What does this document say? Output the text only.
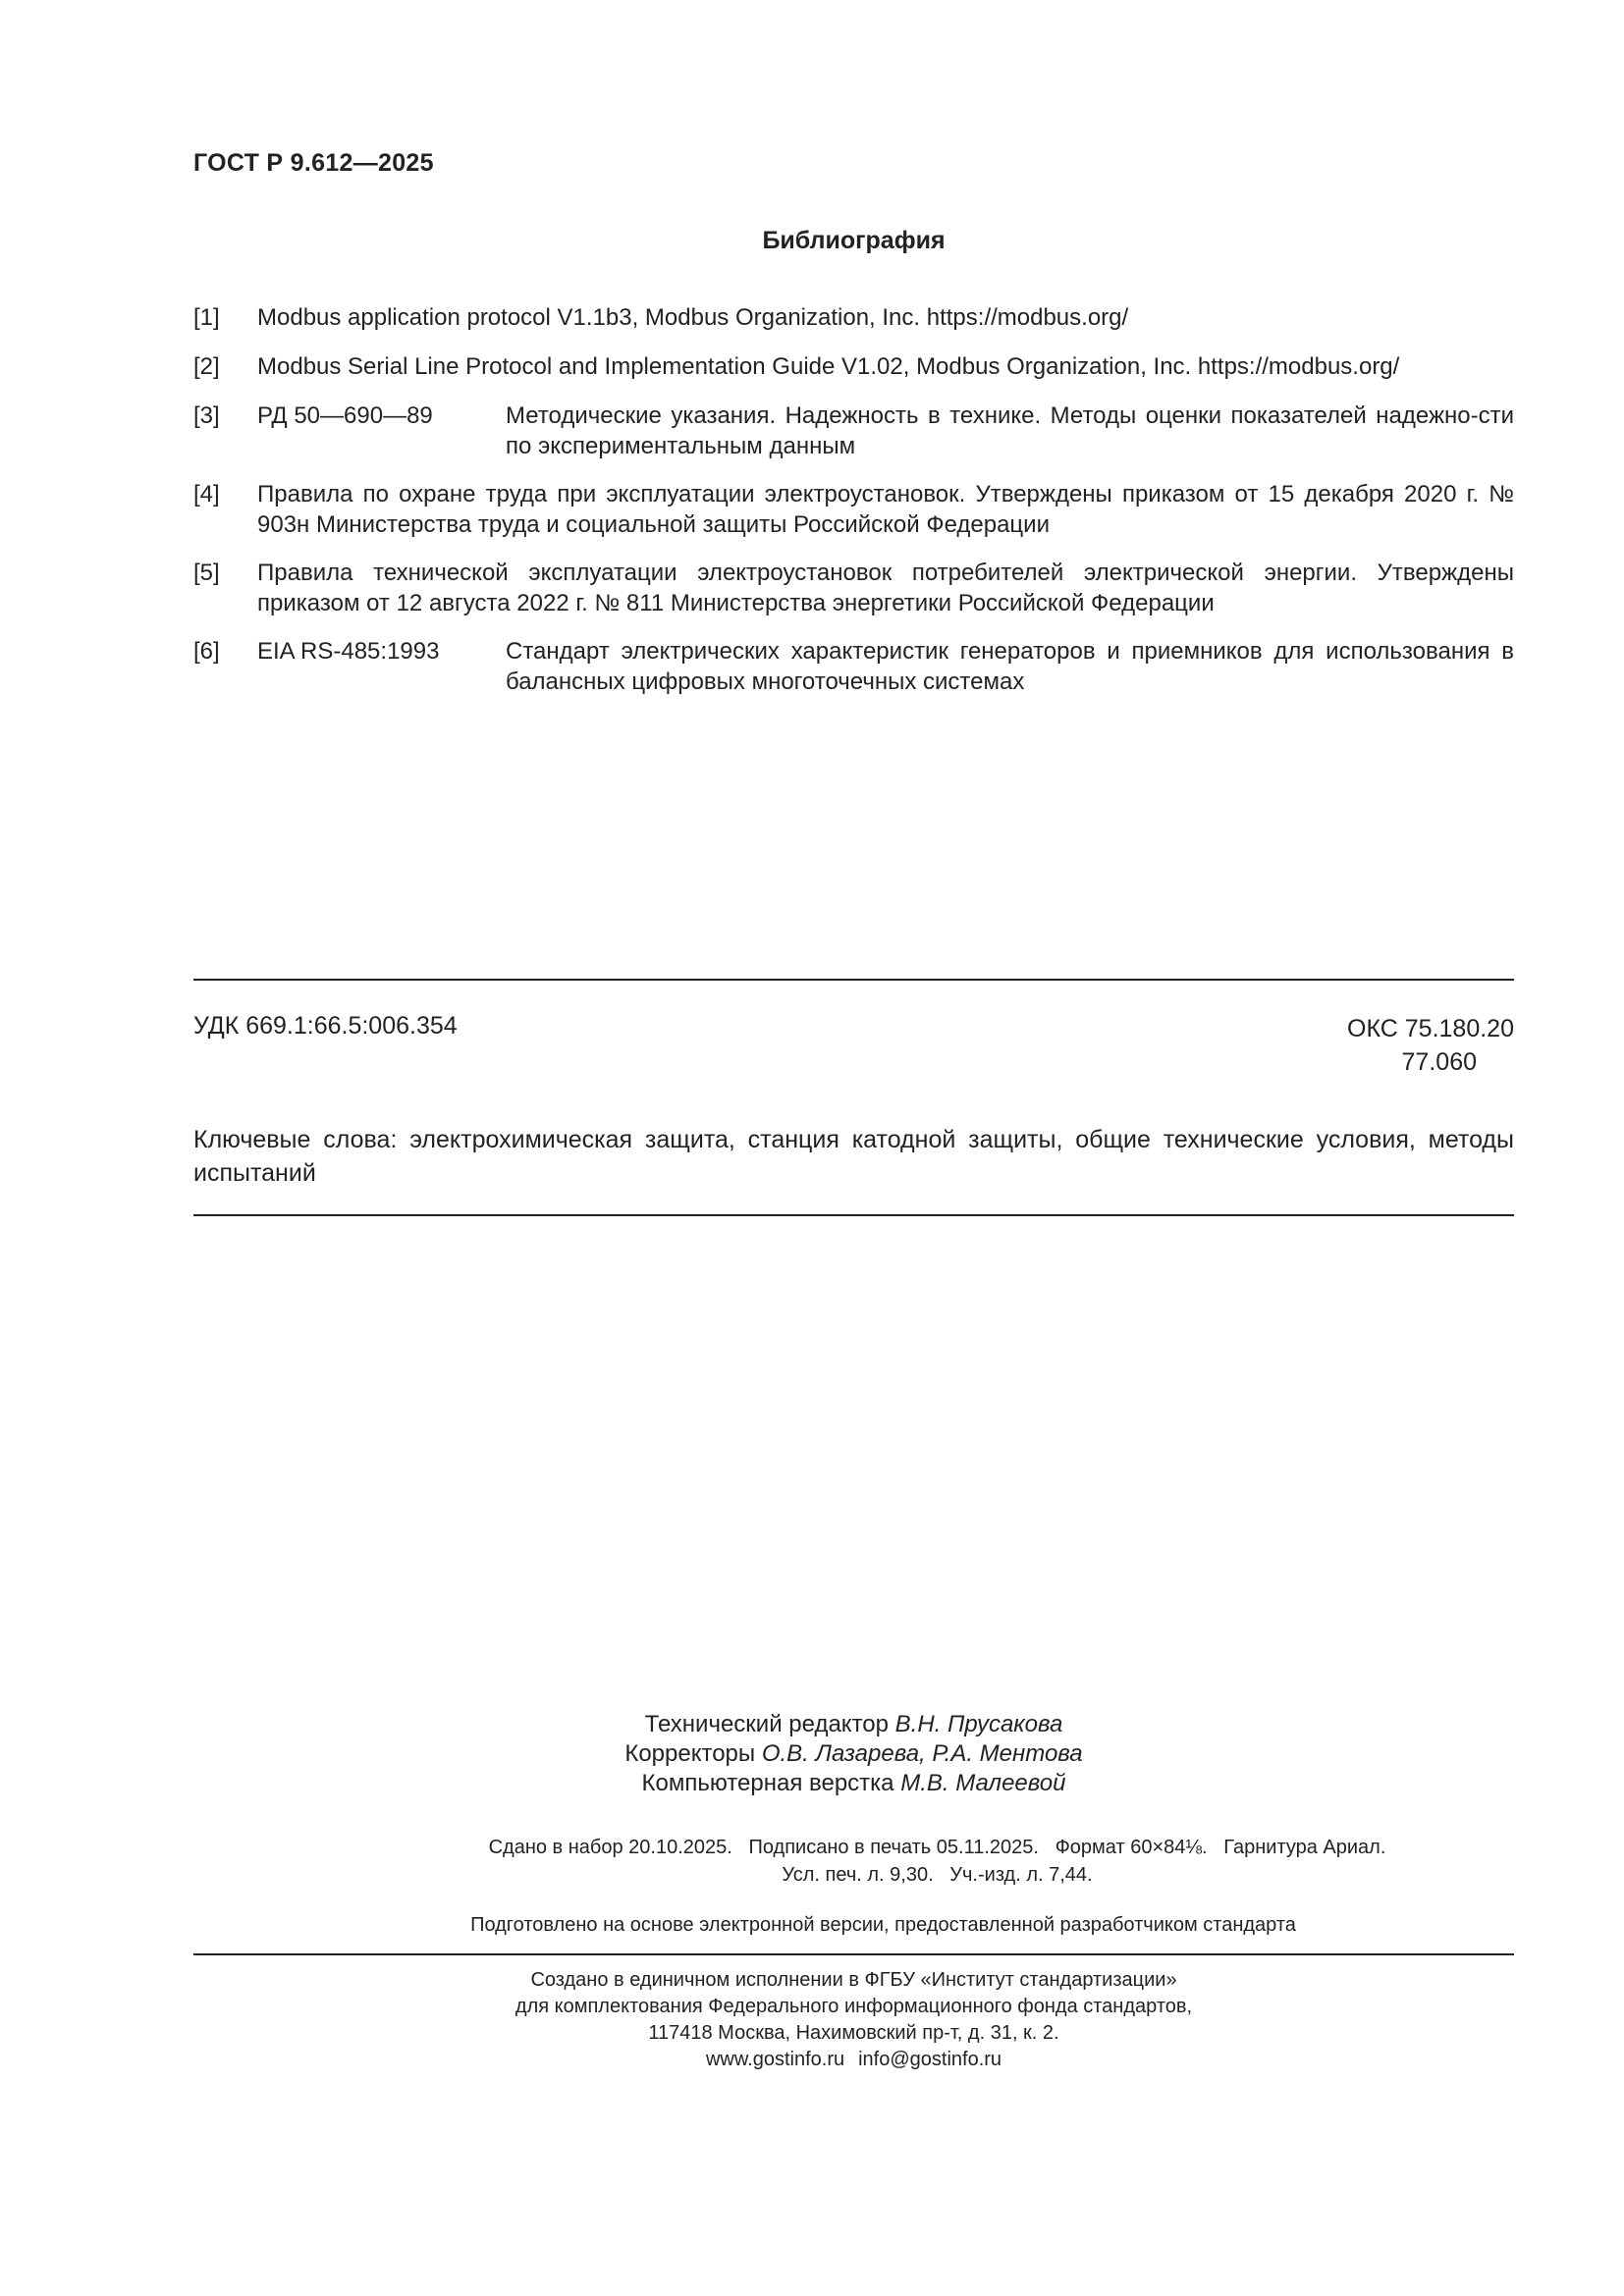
ГОСТ Р 9.612—2025
Библиография
[1] Modbus application protocol V1.1b3, Modbus Organization, Inc. https://modbus.org/
[2] Modbus Serial Line Protocol and Implementation Guide V1.02, Modbus Organization, Inc. https://modbus.org/
[3] РД 50—690—89	Методические указания. Надежность в технике. Методы оценки показателей надежно-сти по экспериментальным данным
[4] Правила по охране труда при эксплуатации электроустановок. Утверждены приказом от 15 декабря 2020 г. № 903н Министерства труда и социальной защиты Российской Федерации
[5] Правила технической эксплуатации электроустановок потребителей электрической энергии. Утверждены приказом от 12 августа 2022 г. № 811 Министерства энергетики Российской Федерации
[6] EIA RS-485:1993	Стандарт электрических характеристик генераторов и приемников для использования в балансных цифровых многоточечных системах
УДК 669.1:66.5:006.354	ОКС 75.180.20
77.060
Ключевые слова: электрохимическая защита, станция катодной защиты, общие технические условия, методы испытаний
Технический редактор В.Н. Прусакова
Корректоры О.В. Лазарева, Р.А. Ментова
Компьютерная верстка М.В. Малеевой
Сдано в набор 20.10.2025.   Подписано в печать 05.11.2025.   Формат 60×84⅛.   Гарнитура Ариал.
Усл. печ. л. 9,30.   Уч.-изд. л. 7,44.
Подготовлено на основе электронной версии, предоставленной разработчиком стандарта
Создано в единичном исполнении в ФГБУ «Институт стандартизации»
для комплектования Федерального информационного фонда стандартов,
117418 Москва, Нахимовский пр-т, д. 31, к. 2.
www.gostinfo.ru info@gostinfo.ru
